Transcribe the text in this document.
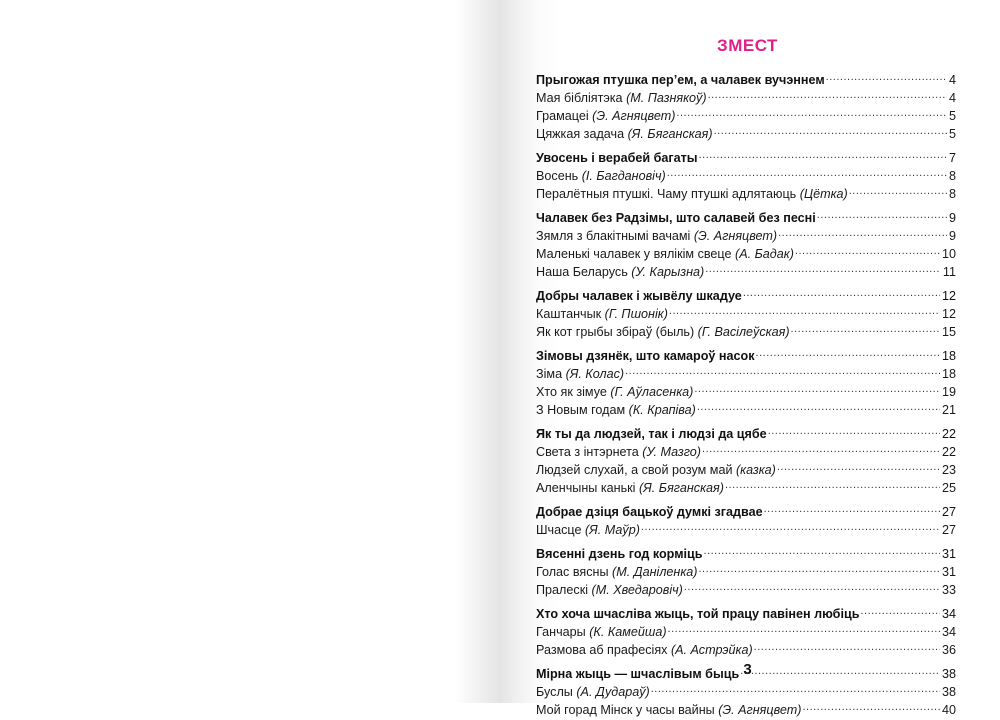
ЗМЕСТ
Прыгожая птушка пер’ем, а чалавек вучэннем .....	4
Мая бібліятэка (М. Пазнякоў) .....	4
Грамацеі (Э. Агняцвет) .....	5
Цяжкая задача (Я. Бяганская) .....	5
Увосень і верабей багаты .....	7
Восень (І. Багдановіч) .....	8
Пералётныя птушкі. Чаму птушкі адлятаюць (Цётка) .....	8
Чалавек без Радзімы, што салавей без песні .....	9
Зямля з блакітнымі вачамі (Э. Агняцвет) .....	9
Маленькі чалавек у вялікім свеце (А. Бадак) .....	10
Наша Беларусь (У. Карызна) .....	11
Добры чалавек і жывёлу шкадуе .....	12
Каштанчык (Г. Пшонік) .....	12
Як кот грыбы збіраў (быль) (Г. Васілеўская) .....	15
Зімовы дзянёк, што камароў насок .....	18
Зіма (Я. Колас) .....	18
Хто як зімуе (Г. Аўласенка) .....	19
З Новым годам (К. Крапіва) .....	21
Як ты да людзей, так і людзі да цябе .....	22
Света з інтэрнета (У. Мазго) .....	22
Людзей слухай, а свой розум май (казка) .....	23
Аленчыны канькі (Я. Бяганская) .....	25
Добрае дзіця бацькоў думкі згадвае .....	27
Шчасце (Я. Маўр) .....	27
Вясенні дзень год корміць .....	31
Голас вясны (М. Даніленка) .....	31
Пралескі (М. Хведаровіч) .....	33
Хто хоча шчасліва жыць, той працу павінен любіць .....	34
Ганчары (К. Камейша) .....	34
Размова аб прафесіях (А. Астрэйка) .....	36
Мірна жыць — шчаслівым быць .....	38
Буслы (А. Дудараў) .....	38
Мой горад Мінск у часы вайны (Э. Агняцвет) .....	40
3
